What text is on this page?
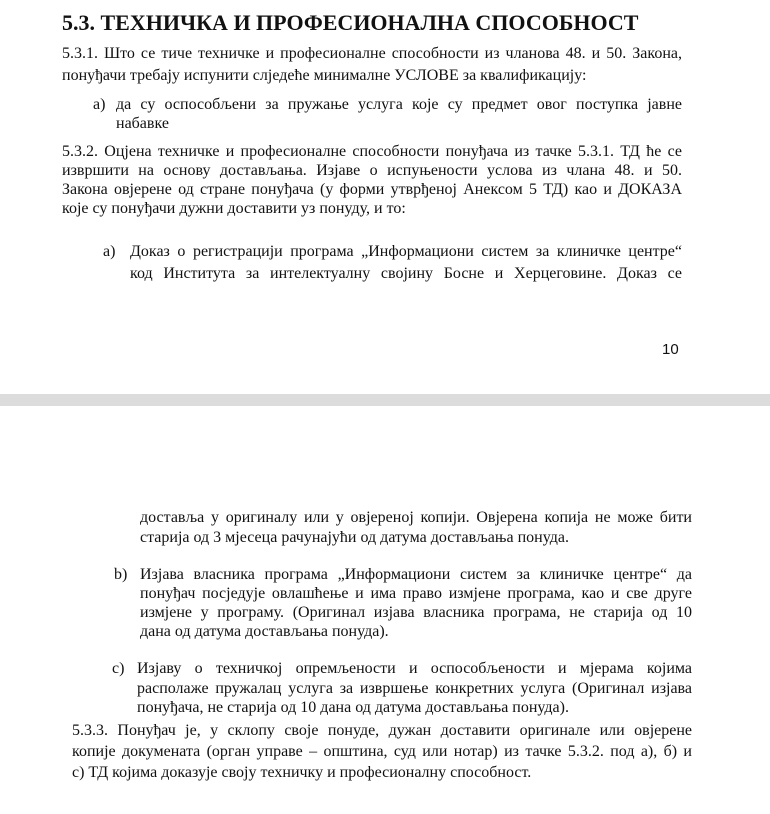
5.3. ТЕХНИЧКА И ПРОФЕСИОНАЛНА СПОСОБНОСТ

5.3.1. Што се тиче техничке и професионалне способности из чланова 48. и 50. Закона,

понуђачи требају испунити слједеће минималне УСЛОВЕ за квалификацију:

а) да су оспособљени за пружање услуга које су предмет овог поступка јавне

набавке

5.3.2. Оцјена техничке и професионалне способности понуђача из тачке 5.3.1. ТД ће се

извршити на основу достављања. Изјаве о испуњености услова из члана 48. и 50.

Закона овјерене од стране понуђача (у форми утврђеној Анексом 5 ТД) као и ДОКАЗА

које су понуђачи дужни доставити уз понуду, и то:

а) Доказ о регистрацији програма „Информациони систем за клиничке центре“

код Института за интелектуалну својину Босне и Херцеговине. Доказ се

10

доставља у оригиналу или у овјереној копији. Овјерена копија не може бити

старија од 3 мјесеца рачунајући од датума достављања понуда.

b) Изјава власника програма „Информациони систем за клиничке центре“ да

понуђач посједује овлашћење и има право измјене програма, као и све друге

измјене у програму. (Оригинал изјава власника програма, не старија од 10

дана од датума достављања понуда).

c) Изјаву о техничкој опремљености и оспособљености и мјерама којима

располаже пружалац услуга за извршење конкретних услуга (Оригинал изјава

понуђача, не старија од 10 дана од датума достављања понуда).

5.3.3. Понуђач је, у склопу своје понуде, дужан доставити оригинале или овјерене

копије докумената (орган управе – општина, суд или нотар) из тачке 5.3.2. под а), б) и

c) ТД којима доказује своју техничку и професионалну способност.
